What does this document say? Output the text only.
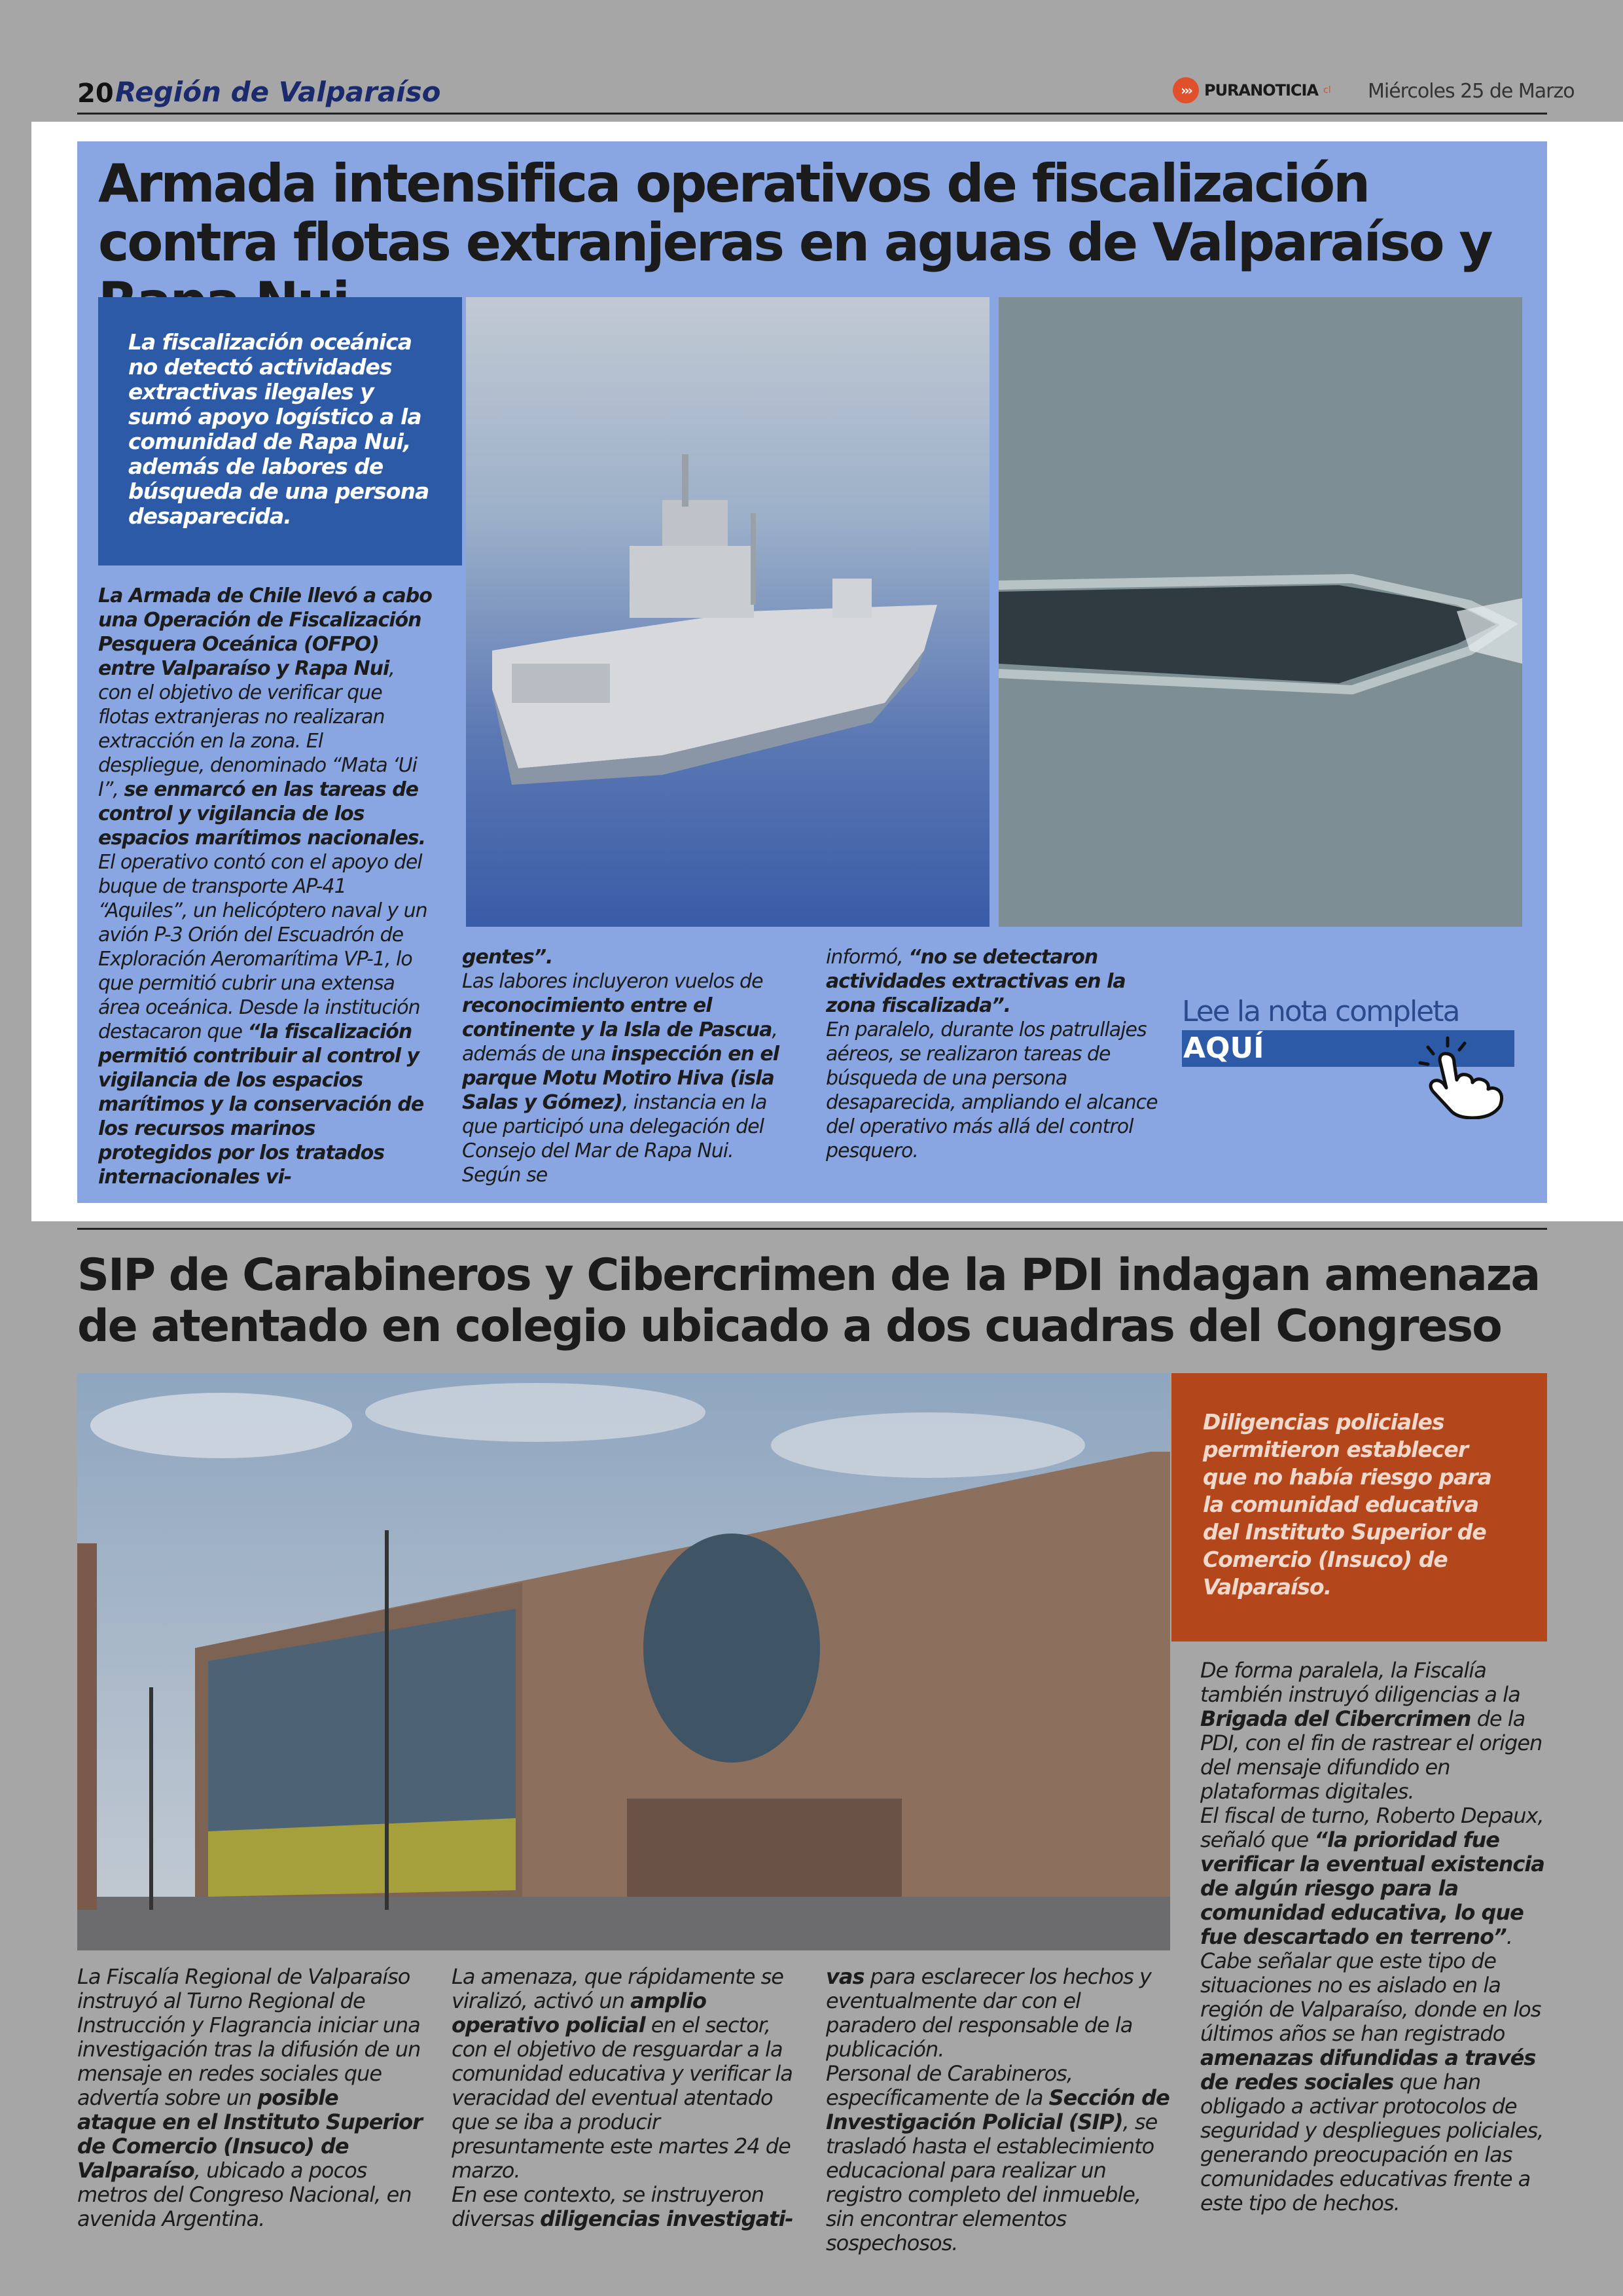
20 Región de Valparaíso	››› PURANOTICIA cl Miércoles 25 de Marzo
Armada intensifica operativos de fiscalización contra flotas extranjeras en aguas de Valparaíso y

La fiscalización oceánica no detectó actividades extractivas ilegales y sumó apoyo logístico a la comunidad de Rapa Nui, además de labores de búsqueda de una persona desaparecida.

La Armada de Chile llevó a cabo una Operación de Fiscalización Pesquera Oceánica (OFPO) entre Valparaíso y Rapa Nui, con el objetivo de verificar que flotas extranjeras no realizaran extracción en la zona. El despliegue, denominado “Mata ‘Ui I”, se enmarcó en las tareas de control y vigilancia de los espacios marítimos nacionales.

El operativo contó con el apoyo del buque de transporte AP-41 “Aquiles”, un helicóptero naval y un avión P-3 Orión del Escuadrón de Exploración Aeromarítima VP-1, lo que permitió cubrir una extensa área oceánica. Desde la institución destacaron que “la fiscalización permitió contribuir al control y vigilancia de los espacios marítimos y la conservación de los recursos marinos protegidos por los tratados internacionales vi-

gentes”.

Las labores incluyeron vuelos de reconocimiento entre el continente y la Isla de Pascua, además de una inspección en el parque Motu Motiro Hiva (isla Salas y Gómez), instancia en la que participó una delegación del Consejo del Mar de Rapa Nui. Según se

informó, “no se detectaron actividades extractivas en la zona fiscalizada”.

En paralelo, durante los patrullajes aéreos, se realizaron tareas de búsqueda de una persona desaparecida, ampliando el alcance del operativo más allá del control pesquero.

Lee la nota completa
AQUÍ
SIP de Carabineros y Cibercrimen de la PDI indagan amenaza de atentado en colegio ubicado a dos cuadras del Congreso

Diligencias policiales permitieron establecer que no había riesgo para la comunidad educativa del Instituto Superior de Comercio (Insuco) de Valparaíso.

La Fiscalía Regional de Valparaíso instruyó al Turno Regional de Instrucción y Flagrancia iniciar una investigación tras la difusión de un mensaje en redes sociales que advertía sobre un posible ataque en el Instituto Superior de Comercio (Insuco) de Valparaíso, ubicado a pocos metros del Congreso Nacional, en avenida Argentina.

La amenaza, que rápidamente se viralizó, activó un amplio operativo policial en el sector, con el objetivo de resguardar a la comunidad educativa y verificar la veracidad del eventual atentado que se iba a producir presuntamente este martes 24 de marzo.

En ese contexto, se instruyeron diversas diligencias investigati-

vas para esclarecer los hechos y eventualmente dar con el paradero del responsable de la publicación.

Personal de Carabineros, específicamente de la Sección de Investigación Policial (SIP), se trasladó hasta el establecimiento educacional para realizar un registro completo del inmueble, sin encontrar elementos sospechosos.

De forma paralela, la Fiscalía también instruyó diligencias a la Brigada del Cibercrimen de la PDI, con el fin de rastrear el origen del mensaje difundido en plataformas digitales.

El fiscal de turno, Roberto Depaux, señaló que “la prioridad fue verificar la eventual existencia de algún riesgo para la comunidad educativa, lo que fue descartado en terreno”.

Cabe señalar que este tipo de situaciones no es aislado en la región de Valparaíso, donde en los últimos años se han registrado amenazas difundidas a través de redes sociales que han obligado a activar protocolos de seguridad y despliegues policiales, generando preocupación en las comunidades educativas frente a este tipo de hechos.
